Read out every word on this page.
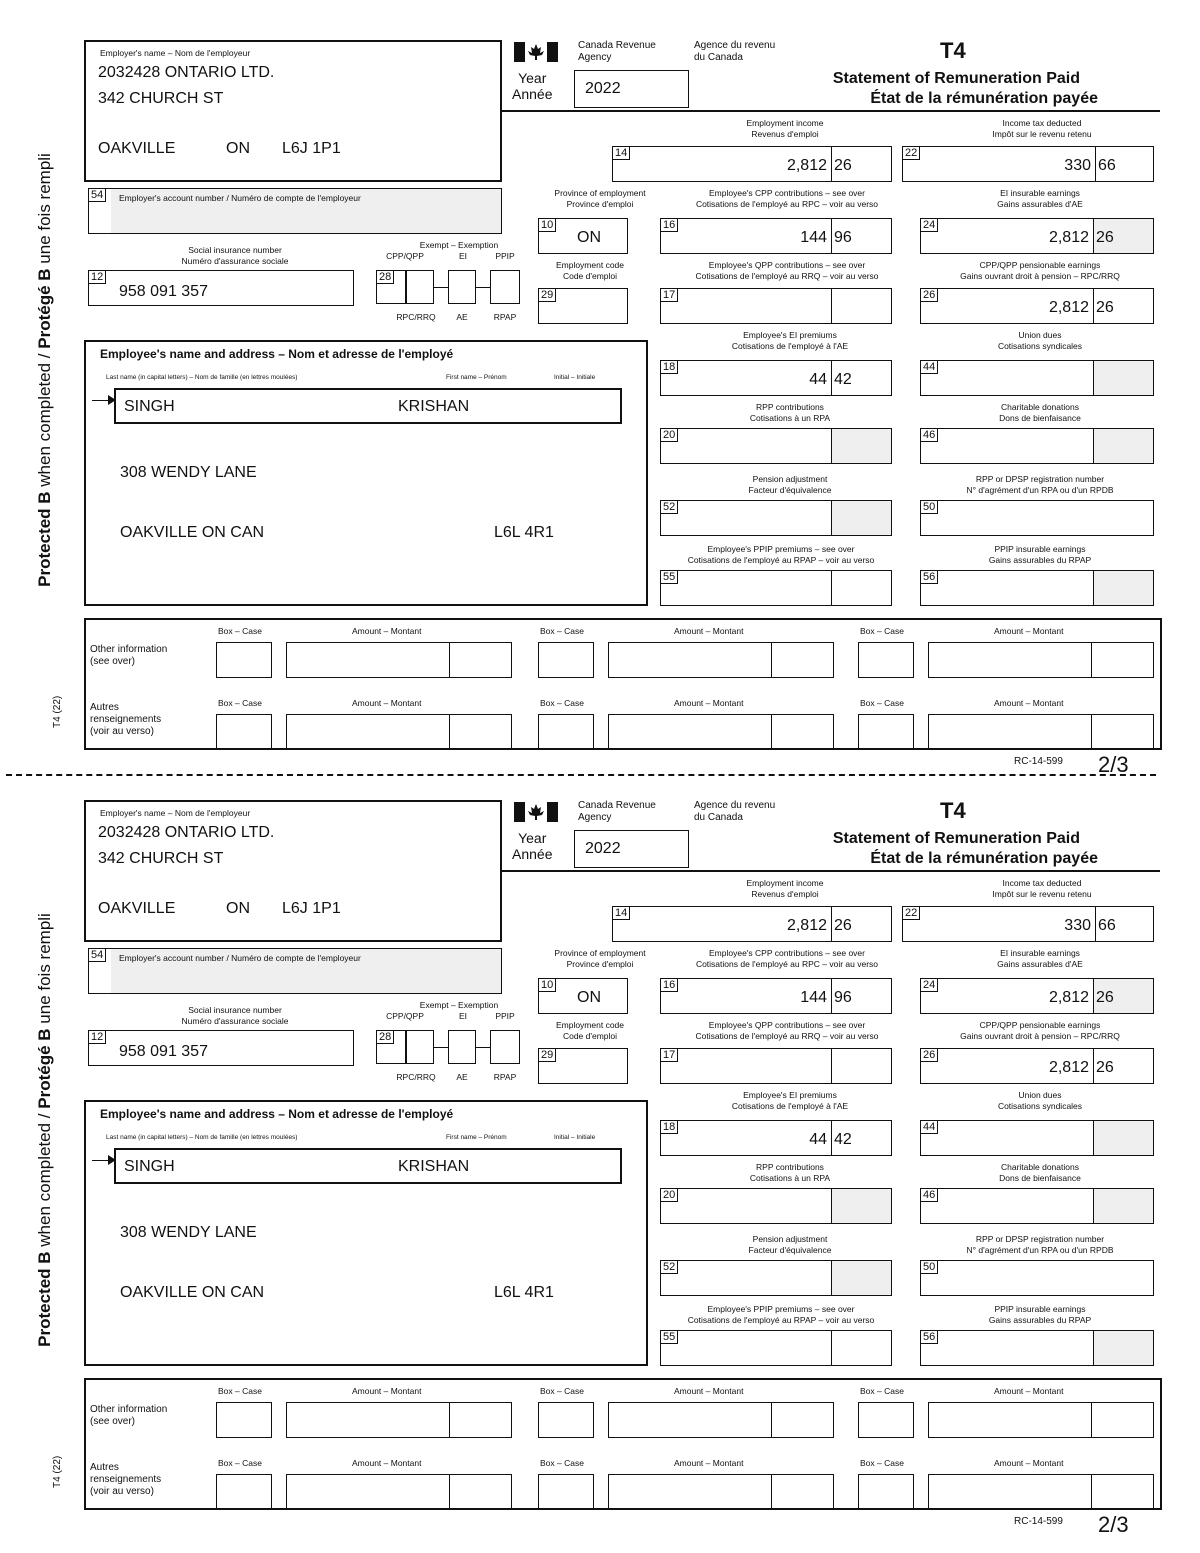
Protected B when completed / Protégé B une fois rempli
T4 (22)
Employer's name – Nom de l'employeur
2032428 ONTARIO LTD.
342 CHURCH ST
OAKVILLE	ON L6J 1P1
Canada Revenue
Agency
Agence du revenu
du Canada
Year
Année 2022
T4
Statement of Remuneration Paid
État de la rémunération payée
54	Employer's account number / Numéro de compte de l'employeur
Social insurance number
Numéro d'assurance sociale
12
958 091 357
Exempt – Exemption
CPP/QPP	EI	PPIP
28
RPC/RRQ	AE	RPAP
Employee's name and address – Nom et adresse de l'employé
Last name (in capital letters) – Nom de famille (en lettres moulées)	First name – Prénom	Initial – Initiale
SINGH	KRISHAN
308 WENDY LANE
OAKVILLE ON CAN	L6L 4R1
Employment income
Revenus d'emploi
14
2,812 26
Income tax deducted
Impôt sur le revenu retenu
22
330 66
Province of employment
Province d'emploi
10
ON
Employee's CPP contributions – see over
Cotisations de l'employé au RPC – voir au verso
16
144 96
EI insurable earnings
Gains assurables d'AE
24
2,812 26
Employment code
Code d'emploi
29
Employee's QPP contributions – see over
Cotisations de l'employé au RRQ – voir au verso
17
CPP/QPP pensionable earnings
Gains ouvrant droit à pension – RPC/RRQ
26
2,812 26
Employee's EI premiums
Cotisations de l'employé à l'AE
18
44 42
Union dues
Cotisations syndicales
44
RPP contributions
Cotisations à un RPA
20
Charitable donations
Dons de bienfaisance
46
Pension adjustment
Facteur d'équivalence
52
RPP or DPSP registration number
N° d'agrément d'un RPA ou d'un RPDB
50
Employee's PPIP premiums – see over
Cotisations de l'employé au RPAP – voir au verso
55
PPIP insurable earnings
Gains assurables du RPAP
56
Other information
(see over)
Autres
renseignements
(voir au verso)
Box – Case	Amount – Montant	Box – Case	Amount – Montant	Box – Case	Amount – Montant
Box – Case	Amount – Montant	Box – Case	Amount – Montant	Box – Case	Amount – Montant
RC-14-599 2/3
Protected B when completed / Protégé B une fois rempli
T4 (22)
Employer's name – Nom de l'employeur
2032428 ONTARIO LTD.
342 CHURCH ST
OAKVILLE	ON L6J 1P1
Canada Revenue
Agency
Agence du revenu
du Canada
Year
Année 2022
T4
Statement of Remuneration Paid
État de la rémunération payée
54	Employer's account number / Numéro de compte de l'employeur
Social insurance number
Numéro d'assurance sociale
12
958 091 357
Exempt – Exemption
CPP/QPP	EI	PPIP
28
RPC/RRQ	AE	RPAP
Employee's name and address – Nom et adresse de l'employé
Last name (in capital letters) – Nom de famille (en lettres moulées)	First name – Prénom	Initial – Initiale
SINGH	KRISHAN
308 WENDY LANE
OAKVILLE ON CAN	L6L 4R1
Employment income
Revenus d'emploi
14
2,812 26
Income tax deducted
Impôt sur le revenu retenu
22
330 66
Province of employment
Province d'emploi
10
ON
Employee's CPP contributions – see over
Cotisations de l'employé au RPC – voir au verso
16
144 96
EI insurable earnings
Gains assurables d'AE
24
2,812 26
Employment code
Code d'emploi
29
Employee's QPP contributions – see over
Cotisations de l'employé au RRQ – voir au verso
17
CPP/QPP pensionable earnings
Gains ouvrant droit à pension – RPC/RRQ
26
2,812 26
Employee's EI premiums
Cotisations de l'employé à l'AE
18
44 42
Union dues
Cotisations syndicales
44
RPP contributions
Cotisations à un RPA
20
Charitable donations
Dons de bienfaisance
46
Pension adjustment
Facteur d'équivalence
52
RPP or DPSP registration number
N° d'agrément d'un RPA ou d'un RPDB
50
Employee's PPIP premiums – see over
Cotisations de l'employé au RPAP – voir au verso
55
PPIP insurable earnings
Gains assurables du RPAP
56
Other information
(see over)
Autres
renseignements
(voir au verso)
Box – Case	Amount – Montant	Box – Case	Amount – Montant	Box – Case	Amount – Montant
Box – Case	Amount – Montant	Box – Case	Amount – Montant	Box – Case	Amount – Montant
RC-14-599 2/3
